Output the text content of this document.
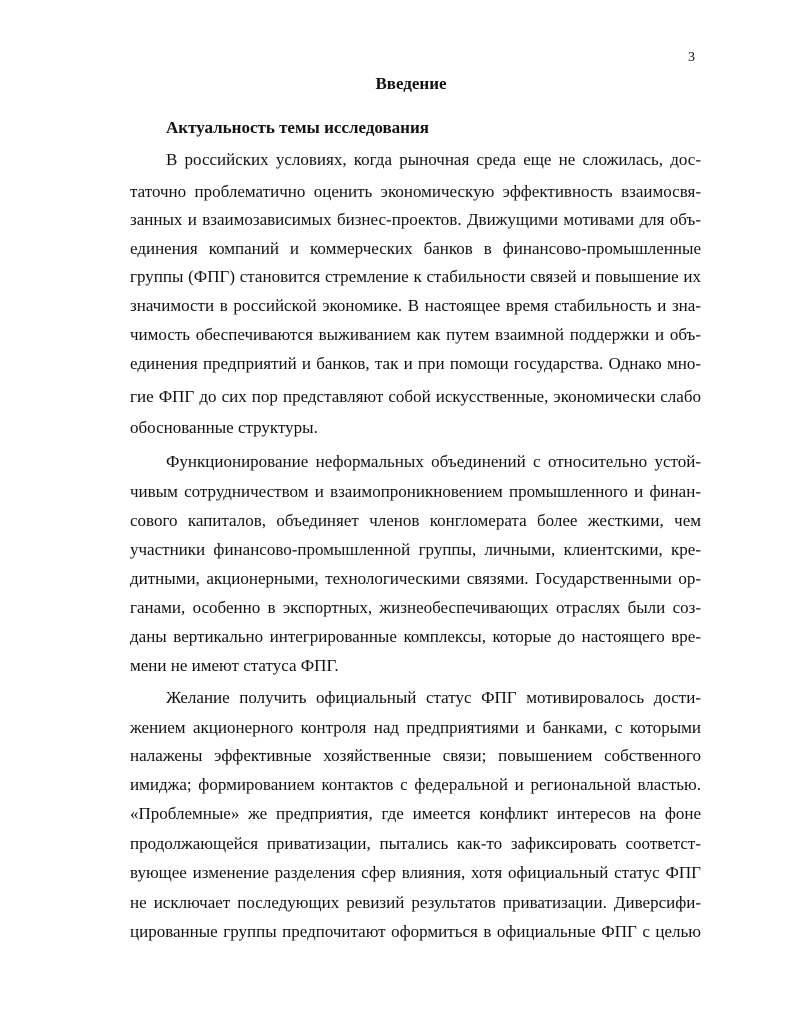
3
Введение
Актуальность темы исследования
В российских условиях, когда рыночная среда еще не сложилась, дос-
таточно проблематично оценить экономическую эффективность взаимосвя-
занных и взаимозависимых бизнес-проектов. Движущими мотивами для объ-
единения компаний и коммерческих банков в финансово-промышленные
группы (ФПГ) становится стремление к стабильности связей и повышение их
значимости в российской экономике. В настоящее время стабильность и зна-
чимость обеспечиваются выживанием как путем взаимной поддержки и объ-
единения предприятий и банков, так и при помощи государства. Однако мно-
гие ФПГ до сих пор представляют собой искусственные, экономически слабо
обоснованные структуры.
Функционирование неформальных объединений с относительно устой-
чивым сотрудничеством и взаимопроникновением промышленного и финан-
сового капиталов, объединяет членов конгломерата более жесткими, чем
участники финансово-промышленной группы, личными, клиентскими, кре-
дитными, акционерными, технологическими связями. Государственными ор-
ганами, особенно в экспортных, жизнеобеспечивающих отраслях были соз-
даны вертикально интегрированные комплексы, которые до настоящего вре-
мени не имеют статуса ФПГ.
Желание получить официальный статус ФПГ мотивировалось дости-
жением акционерного контроля над предприятиями и банками, с которыми
налажены эффективные хозяйственные связи; повышением собственного
имиджа; формированием контактов с федеральной и региональной властью.
«Проблемные» же предприятия, где имеется конфликт интересов на фоне
продолжающейся приватизации, пытались как-то зафиксировать соответст-
вующее изменение разделения сфер влияния, хотя официальный статус ФПГ
не исключает последующих ревизий результатов приватизации. Диверсифи-
цированные группы предпочитают оформиться в официальные ФПГ с целью
